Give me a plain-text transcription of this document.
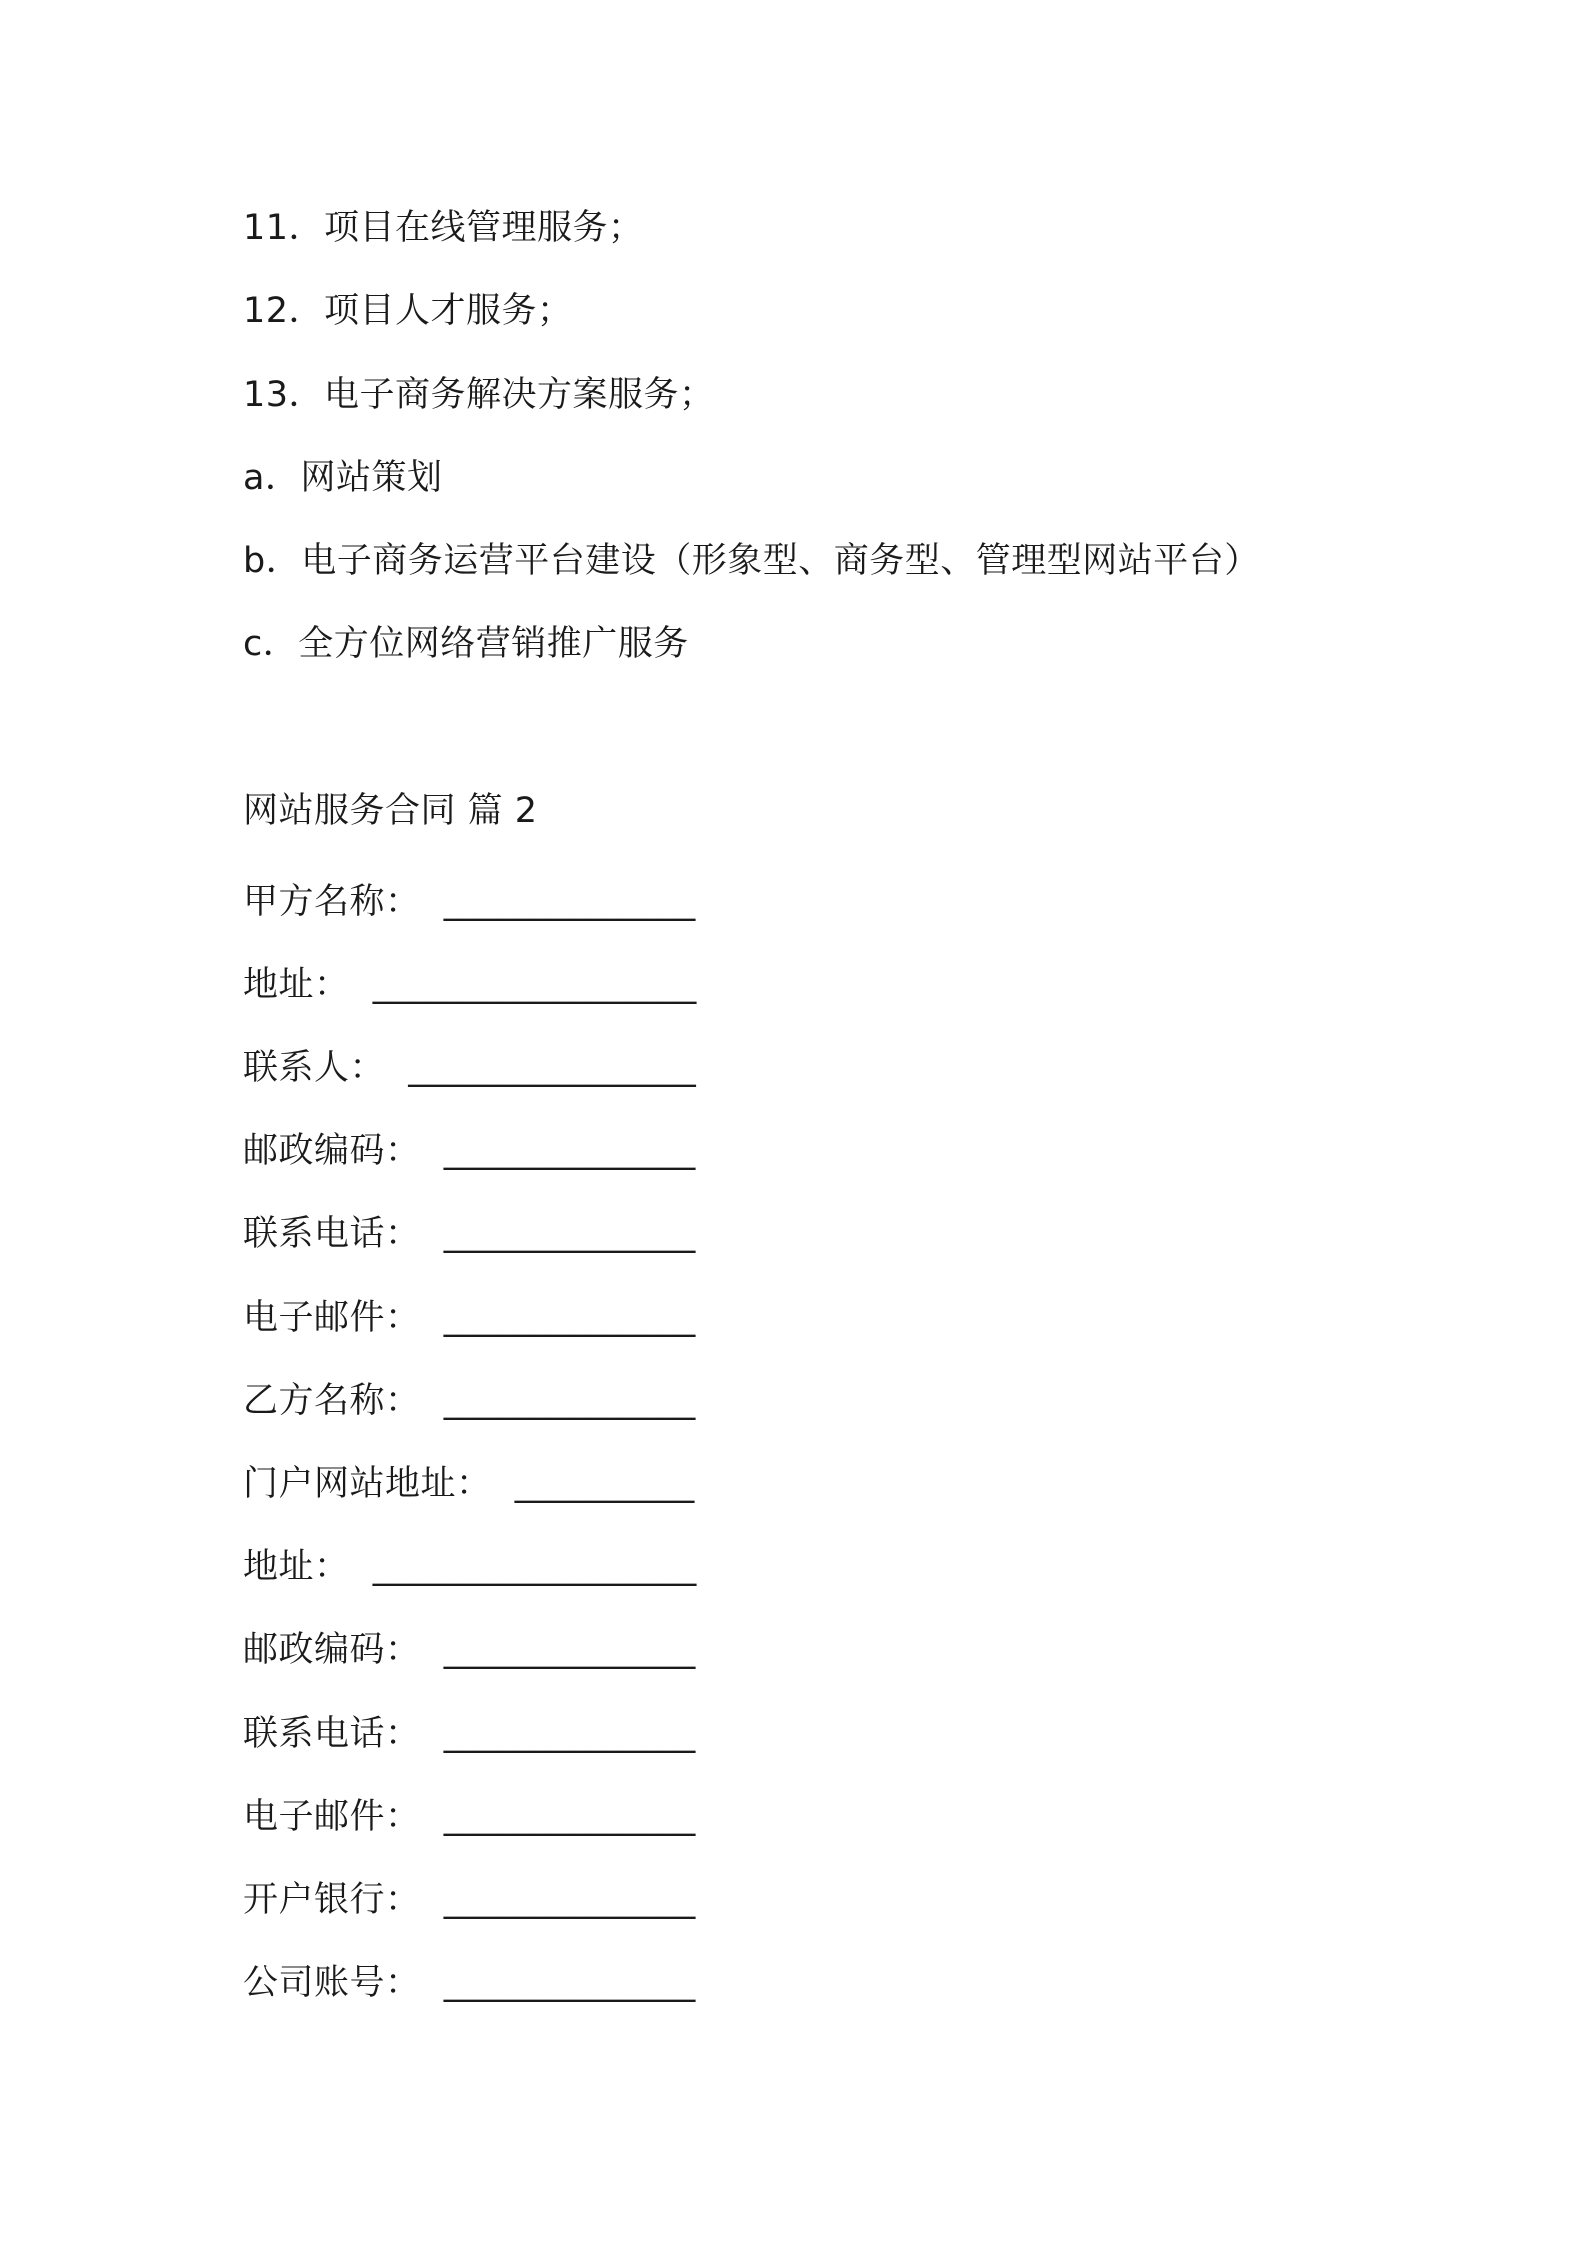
11．项目在线管理服务；
12．项目人才服务；
13．电子商务解决方案服务；
a．网站策划
b．电子商务运营平台建设（形象型、商务型、管理型网站平台）
c．全方位网络营销推广服务
网站服务合同 篇 2
甲方名称：  ______________
地址：  __________________
联系人：  ________________
邮政编码：  ______________
联系电话：  ______________
电子邮件：  ______________
乙方名称：  ______________
门户网站地址：  __________
地址：  __________________
邮政编码：  ______________
联系电话：  ______________
电子邮件：  ______________
开户银行：  ______________
公司账号：  ______________
